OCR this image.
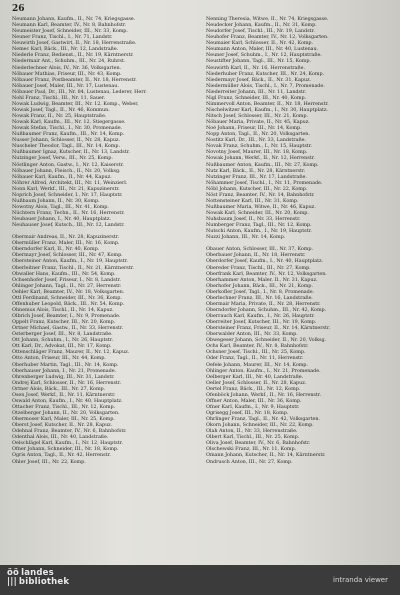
26
Neumann Johann, Kaufm., II., Nr. 74, Kriegsgasse.
Neumann Karl, Beamter, IV., Nr. 8, Bahnhofstr.
Neumeister Josef, Schneider, III., Nr. 33, Komp.
Neuner Franz, Tischl., I., Nr. 71, Landstr.
Neuwirth Josef, Gastwirt, II., Nr. 18, Herrenstraße.
Nemec Karl, Bäck., III., Nr. 12, Landstraße.
Niederle Franz, Bedienst., II., Nr. 19, Kärntnerstr.
Niedermair Ant., Schuhm., III., Nr. 24, Ruhrst.
Niederlechner Alois, IV., Nr. 36, Volksgarten.
Nöbauer Mathias, Friseur, III., Nr. 43, Komp.
Nöbauer Franz, Postbeamter, II., Nr. 18, Herrenstr.
Nöbauer Josef, Maler, III., Nr. 17, Lustenau.
Nöbauer Paul, Dr., III., Nr. 84, Lustenau, Lederer, Herr.
Nohl Franz, Tischl., III., Nr. 11, Sauer.
Nowak Ludwig, Beamter, III., Nr. 12, Komp., Weber,
Nowak Josef, Tagl., II., Nr. 46, Kommun.
Nowak Franz, II., Nr. 25, Hauptstraße.
Nowak Karl, Kaufm., III., Nr. 12, Stiegergasse.
Nowak Stefan, Tischl., I., Nr. 30, Promenade.
Nußbaumer Franz, Kaufm., III., Nr. 14, Komp.
Nusser Johann, Schlosser, II., Nr. 28, Kapuz.
Nuscheler Theodor, Tagl., III., Nr. 14, Komp.
Nußbaumer Ignaz, Kutscher, II., Nr. 13, Landstr.
Nutzinger Josef, Verw., III., Nr. 25, Komp.
Nöstlinger Anton, Gastw., I., Nr. 12, Kaiserstr.
Nöbauer Johann, Fleisch., II., Nr. 20, Volksg.
Nöbauer Karl, Kaufm., II., Nr. 44, Kapuz.
Nöhrer Alfred, Architekt, III., Nr. 11, Weinzierl.
Nonn Karl, Werkf., III., Nr. 21, Kapuzinerstr.
Noprich Josef, Schneider, I., Nr. 17, Hauptstr.
Nußbaum Johann, II., Nr. 30, Komp.
Nowotny Alois, Tagl., III., Nr. 41, Komp.
Nüchtern Franz, Techn., II., Nr. 16, Herrenstr.
Neubauer Johann, I., Nr. 40, Hauptplatz.
Neuhauser Josef, Kutsch., III., Nr. 12, Landstr.
Obermair Andreas, II., Nr. 28, Kapuzinerstr.
Obermüller Franz, Maler, III., Nr. 16, Komp.
Oberndorfer Karl, II., Nr. 40, Komp.
Obermayr Josef, Schlosser, III., Nr. 47, Komp.
Obersteiner Anton, Kaufm., I., Nr. 19, Hauptstr.
Oberleitner Franz, Tischl., II., Nr. 21, Kärntnerstr.
Obwaller Hans, Kaufm., III., Nr. 54, Komp.
Ochsenhofer Josef, Friseur, I., Nr. 8, Landstr.
Öhlinger Johann, Tagl., II., Nr. 27, Herrenstr.
Oehler Karl, Beamter, IV., Nr. 18, Volksgarten.
Öttl Ferdinand, Schneider, III., Nr. 36, Komp.
Offenhuber Leopold, Bäck., III., Nr. 54, Komp.
Ohnemus Alois, Tischl., II., Nr. 14, Kapuz.
Olbrich Josef, Beamter, I., Nr. 9, Promenade.
Oppelt Franz, Kutscher, III., Nr. 20, Komp.
Ortner Michael, Gastw., II., Nr. 33, Herrenstr.
Osterberger Josef, III., Nr. 8, Landstraße.
Ott Johann, Schuhm., I., Nr. 26, Hauptstr.
Ott Karl, Dr., Advokat, III., Nr. 17, Komp.
Ottenschläger Franz, Maurer, II., Nr. 12, Kapuz.
Otto Anton, Friseur, III., Nr. 44, Komp.
Oberhuber Martin, Tagl., III., Nr. 14, Komp.
Oberhauser Johann, I., Nr. 21, Promenade.
Ohrenberger Ludwig, III., Nr. 31, Landstr.
Ondrej Karl, Schlosser, II., Nr. 16, Herrenstr.
Ortner Alois, Bäck., III., Nr. 27, Komp.
Osen Josef, Werkf., II., Nr. 11, Kärntnerstr.
Oswald Anton, Kaufm., I., Nr. 40, Hauptplatz.
Ottacher Franz, Tischl., III., Nr. 12, Komp.
Otzelberger Johann, II., Nr. 20, Volksgarten.
Obermoser Karl, Maler, III., Nr. 25, Komp.
Oberst Josef, Kutscher, II., Nr. 28, Kapuz.
Odehnal Franz, Beamter, IV., Nr. 6, Bahnhofstr.
Odenthal Alois, III., Nr. 40, Landstraße.
Oelschlägel Karl, Kaufm., I., Nr. 12, Hauptstr.
Ofner Johann, Schneider, III., Nr. 18, Komp.
Ogris Anton, Tagl., II., Nr. 42, Herrenstr.
Ohler Josef, III., Nr. 22, Komp.
Nenning Theresia, Witwe, II., Nr. 74, Kriegsgasse.
Neudecker Johann, Kaufm., II., Nr. 31, Komp.
Neudorfer Josef, Tischl., III., Nr. 19, Landstr.
Neuhofer Franz, Beamter, IV., Nr. 12, Volksgarten.
Neumaier Karl, Schlosser, II., Nr. 42, Komp.
Neumann Anton, Maler, III., Nr. 40, Lustenau.
Neuner Josef, Schuhm., I., Nr. 12, Hauptstraße.
Neustifter Johann, Tagl., III., Nr. 15, Komp.
Neuwirth Karl, II., Nr. 16, Herrenstraße.
Niederhuber Franz, Kutscher, III., Nr. 24, Komp.
Niedermayr Josef, Bäck., II., Nr. 31, Kapuz.
Niedermüller Alois, Tischl., I., Nr. 7, Promenade.
Niederreiter Johann, III., Nr. 11, Landstr.
Nigl Franz, Schneider, III., Nr. 40, Komp.
Nimmervoll Anton, Beamter, II., Nr. 18, Herrenstr.
Nischelwitzer Karl, Kaufm., I., Nr. 30, Hauptplatz.
Nitsch Josef, Schlosser, III., Nr. 21, Komp.
Nöbauer Maria, Private, II., Nr. 45, Kapuz.
Noé Johann, Friseur, III., Nr. 14, Komp.
Nopp Anton, Tagl., II., Nr. 20, Volksgarten.
Nostitz Karl, Dr., III., Nr. 33, Landstraße.
Novak Franz, Schuhm., I., Nr. 15, Hauptstr.
Novotny Josef, Maurer, III., Nr. 18, Komp.
Nowak Johann, Werkf., II., Nr. 12, Herrenstr.
Nußbaumer Anton, Kaufm., III., Nr. 27, Komp.
Nutz Karl, Bäck., II., Nr. 28, Kärntnerstr.
Nutzinger Franz, III., Nr. 17, Landstraße.
Nöhammer Josef, Tischl., I., Nr. 11, Promenade.
Nöbl Johann, Kutscher, III., Nr. 22, Komp.
Nöst Franz, Beamter, IV., Nr. 14, Bahnhofstr.
Nottensteiner Karl, III., Nr. 31, Komp.
Nußbaumer Maria, Witwe, II., Nr. 46, Kapuz.
Nowak Karl, Schneider, III., Nr. 20, Komp.
Nuhsbaum Josef, II., Nr. 33, Herrenstr.
Numberger Franz, Tagl., III., Nr. 12, Komp.
Nutschi Anton, Kaufm., I., Nr. 19, Hauptstr.
Nuzzi Johann, III., Nr. 14, Komp.
Obauer Anton, Schlosser, III., Nr. 37, Komp.
Oberbauer Johann, II., Nr. 18, Herrenstr.
Oberdorfer Josef, Kaufm., I., Nr. 40, Hauptplatz.
Obereder Franz, Tischl., III., Nr. 27, Komp.
Oberfrank Karl, Beamter, IV., Nr. 12, Volksgarten.
Oberhammer Anton, Maler, II., Nr. 31, Kapuz.
Oberhofer Johann, Bäck., III., Nr. 21, Komp.
Oberkofler Josef, Tagl., I., Nr. 8, Promenade.
Oberlechner Franz, III., Nr. 16, Landstraße.
Obermair Maria, Private, II., Nr. 28, Herrenstr.
Oberndorfer Johann, Schuhm., III., Nr. 42, Komp.
Oberrauch Karl, Kaufm., I., Nr. 26, Hauptstr.
Oberreiter Josef, Kutscher, III., Nr. 19, Komp.
Obersteiner Franz, Friseur, II., Nr. 14, Kärntnerstr.
Oberwalder Anton, III., Nr. 33, Komp.
Obwegeser Johann, Schneider, II., Nr. 20, Volksg.
Ochs Karl, Beamter, IV., Nr. 8, Bahnhofstr.
Ochsner Josef, Tischl., III., Nr. 25, Komp.
Öder Franz, Tagl., II., Nr. 11, Herrenstr.
Oefele Johann, Maurer, III., Nr. 14, Komp.
Öhlinger Anton, Kaufm., I., Nr. 21, Promenade.
Oelberger Karl, III., Nr. 40, Landstraße.
Oeller Josef, Schlosser, II., Nr. 28, Kapuz.
Oertel Franz, Bäck., III., Nr. 12, Komp.
Ofenböck Johann, Werkf., II., Nr. 16, Herrenstr.
Offner Anton, Maler, III., Nr. 36, Komp.
Ofner Karl, Kaufm., I., Nr. 9, Hauptstr.
Ogrisegg Josef, III., Nr. 18, Komp.
Ohrlinger Franz, Tagl., II., Nr. 42, Volksgarten.
Okorn Johann, Schneider, III., Nr. 22, Komp.
Olah Anton, II., Nr. 33, Herrenstraße.
Olbert Karl, Tischl., III., Nr. 25, Komp.
Oliva Josef, Beamter, IV., Nr. 6, Bahnhofstr.
Olschewski Franz, III., Nr. 11, Komp.
Omann Johann, Kutscher, II., Nr. 14, Kärntnerstr.
Ondrusch Anton, III., Nr. 27, Komp.
öö landes
||| bibliothek	intranda viewer
